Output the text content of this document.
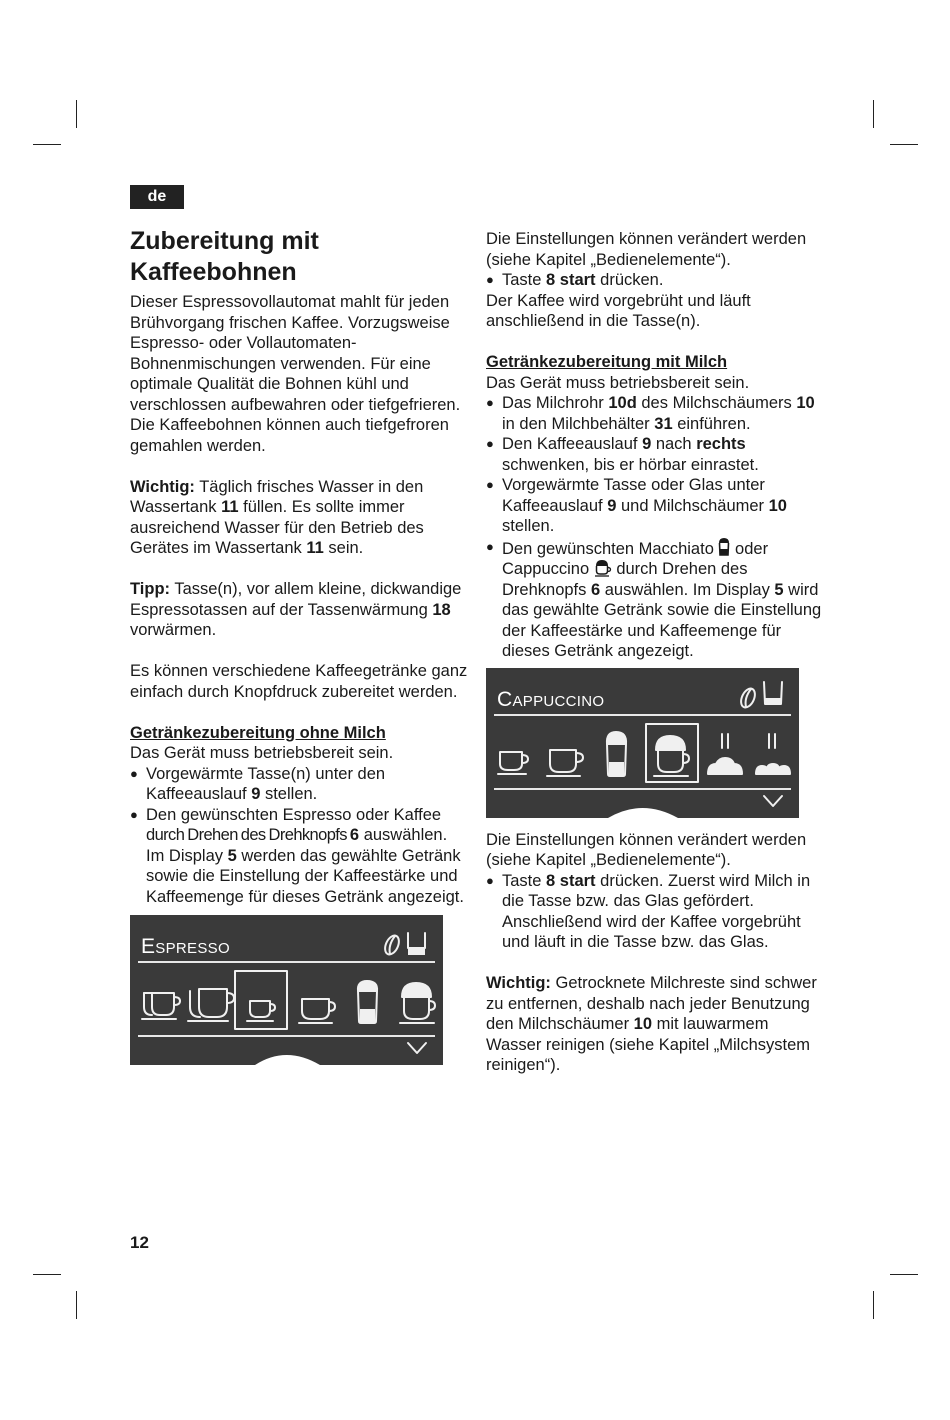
de
Zubereitung mit Kaffeebohnen

Dieser Espressovollautomat mahlt für jeden Brühvorgang frischen Kaffee. Vorzugsweise Espresso- oder Vollautomaten-Bohnenmischungen verwenden. Für eine optimale Qualität die Bohnen kühl und verschlossen aufbewahren oder tiefgefrieren. Die Kaffeebohnen können auch tiefgefroren gemahlen werden.

Wichtig: Täglich frisches Wasser in den Wassertank 11 füllen. Es sollte immer ausreichend Wasser für den Betrieb des Gerätes im Wassertank 11 sein.

Tipp: Tasse(n), vor allem kleine, dickwandige Espressotassen auf der Tassenwärmung 18 vorwärmen.

Es können verschiedene Kaffeegetränke ganz einfach durch Knopfdruck zubereitet werden.

Getränkezubereitung ohne Milch

Das Gerät muss betriebsbereit sein.

● Vorgewärmte Tasse(n) unter den Kaffeeauslauf 9 stellen.
● Den gewünschten Espresso oder Kaffee durch Drehen des Drehknopfs 6 auswählen. Im Display 5 werden das gewählte Getränk sowie die Einstellung der Kaffeestärke und Kaffeemenge für dieses Getränk angezeigt.
Espresso

Die Einstellungen können verändert werden (siehe Kapitel „Bedienelemente“).

● Taste 8 start drücken.

Der Kaffee wird vorgebrüht und läuft anschließend in die Tasse(n).

Getränkezubereitung mit Milch

Das Gerät muss betriebsbereit sein.

● Das Milchrohr 10d des Milchschäumers 10 in den Milchbehälter 31 einführen.
● Den Kaffeeauslauf 9 nach rechts schwenken, bis er hörbar einrastet.
● Vorgewärmte Tasse oder Glas unter Kaffeeauslauf 9 und Milchschäumer 10 stellen.
● Den gewünschten Macchiato  oder Cappuccino  durch Drehen des Drehknopfs 6 auswählen. Im Display 5 wird das gewählte Getränk sowie die Einstellung der Kaffeestärke und Kaffeemenge für dieses Getränk angezeigt.
Cappuccino

Die Einstellungen können verändert werden (siehe Kapitel „Bedienelemente“).

● Taste 8 start drücken. Zuerst wird Milch in die Tasse bzw. das Glas gefördert. Anschließend wird der Kaffee vorgebrüht und läuft in die Tasse bzw. das Glas.

Wichtig: Getrocknete Milchreste sind schwer zu entfernen, deshalb nach jeder Benutzung den Milchschäumer 10 mit lauwarmem Wasser reinigen (siehe Kapitel „Milchsystem reinigen“).

12
